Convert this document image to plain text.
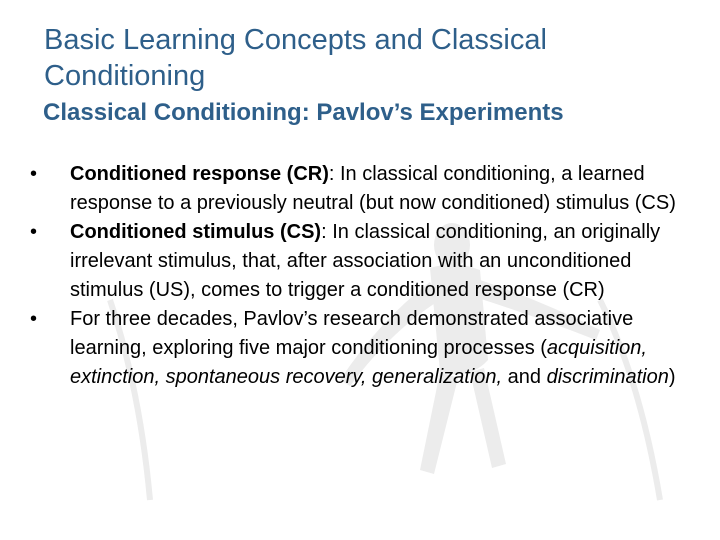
Basic Learning Concepts and Classical Conditioning
Classical Conditioning: Pavlov’s Experiments
•	Conditioned response (CR): In classical conditioning, a learned response to a previously neutral (but now conditioned) stimulus (CS)
•	Conditioned stimulus (CS): In classical conditioning, an originally irrelevant stimulus, that, after association with an unconditioned stimulus (US), comes to trigger a conditioned response (CR)
•	For three decades, Pavlov’s research demonstrated associative learning, exploring five major conditioning processes (acquisition, extinction, spontaneous recovery, generalization, and discrimination)
